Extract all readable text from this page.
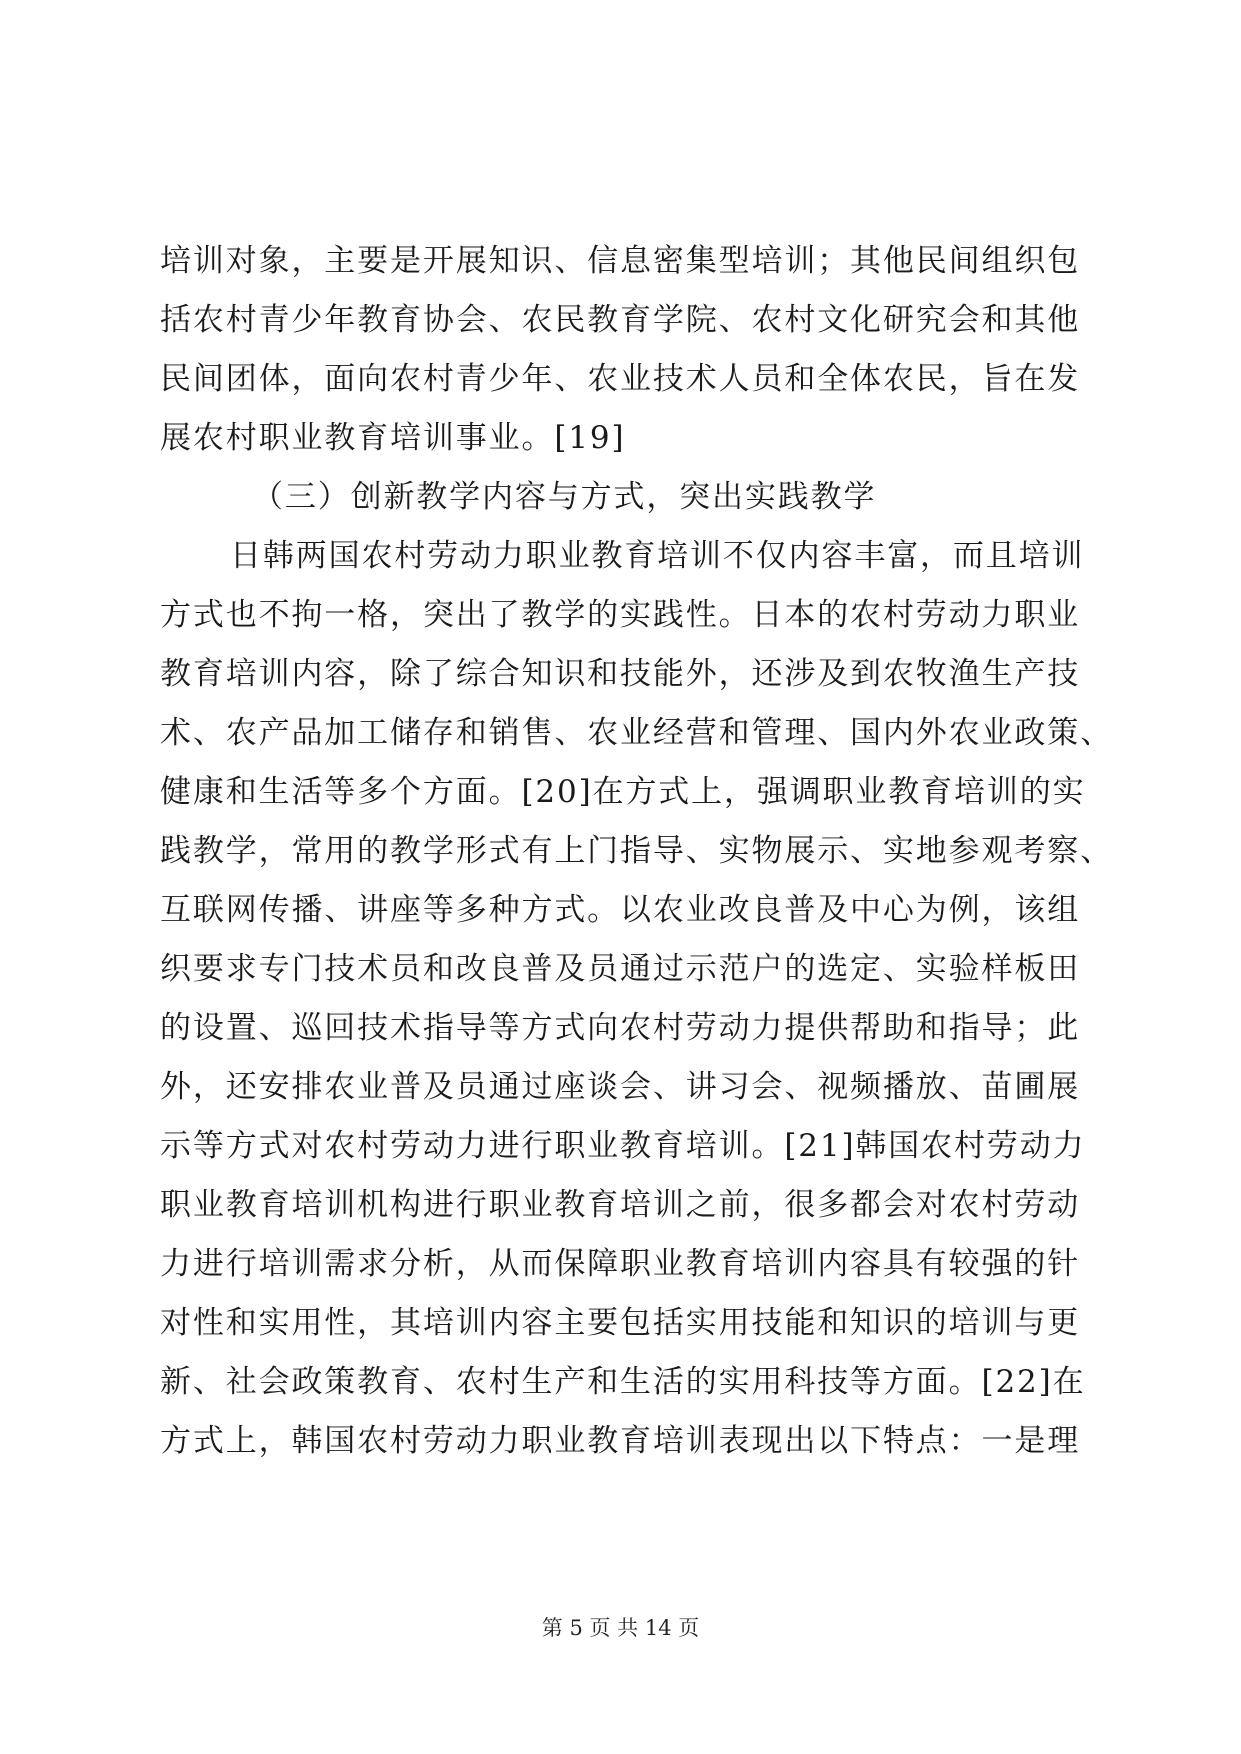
培训对象，主要是开展知识、信息密集型培训；其他民间组织包
括农村青少年教育协会、农民教育学院、农村文化研究会和其他
民间团体，面向农村青少年、农业技术人员和全体农民，旨在发
展农村职业教育培训事业。[19]
（三）创新教学内容与方式，突出实践教学
日韩两国农村劳动力职业教育培训不仅内容丰富，而且培训
方式也不拘一格，突出了教学的实践性。日本的农村劳动力职业
教育培训内容，除了综合知识和技能外，还涉及到农牧渔生产技
术、农产品加工储存和销售、农业经营和管理、国内外农业政策、
健康和生活等多个方面。[20]在方式上，强调职业教育培训的实
践教学，常用的教学形式有上门指导、实物展示、实地参观考察、
互联网传播、讲座等多种方式。以农业改良普及中心为例，该组
织要求专门技术员和改良普及员通过示范户的选定、实验样板田
的设置、巡回技术指导等方式向农村劳动力提供帮助和指导；此
外，还安排农业普及员通过座谈会、讲习会、视频播放、苗圃展
示等方式对农村劳动力进行职业教育培训。[21]韩国农村劳动力
职业教育培训机构进行职业教育培训之前，很多都会对农村劳动
力进行培训需求分析，从而保障职业教育培训内容具有较强的针
对性和实用性，其培训内容主要包括实用技能和知识的培训与更
新、社会政策教育、农村生产和生活的实用科技等方面。[22]在
方式上，韩国农村劳动力职业教育培训表现出以下特点：一是理
第 5 页 共 14 页
